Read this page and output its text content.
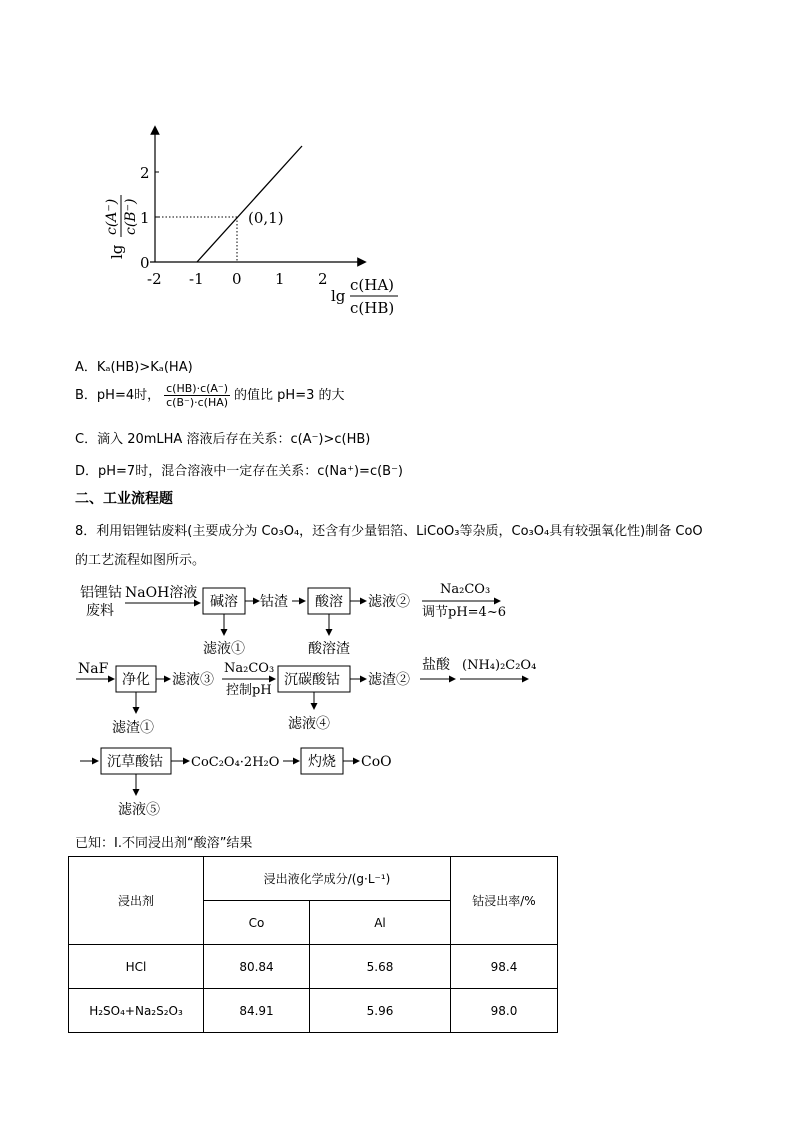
0
1
2
-2 -1 0 1 2
(0,1)
lg
c(A⁻) c(B⁻)
lg
c(HA)
c(HB)
A．Kₐ(HB)>Kₐ(HA)
B．pH=4时， $\frac{c(HB)\cdot c(A^-)}{c(B^-)\cdot c(HA)}$ 的值比 pH=3 的大
C．滴入 20mLHA 溶液后存在关系：c(A⁻)>c(HB)
D．pH=7时，混合溶液中一定存在关系：c(Na⁺)=c(B⁻)
二、工业流程题
8．利用铝锂钴废料(主要成分为 Co₃O₄，还含有少量铝箔、LiCoO₃等杂质，Co₃O₄具有较强氧化性)制备 CoO
的工艺流程如图所示。
铝锂钴
废料
NaOH溶液
碱溶 钴渣 酸溶 滤液②
Na₂CO₃
调节pH=4~6
滤液①	酸溶渣
NaF
净化 滤液③
Na₂CO₃
控制pH
沉碳酸钴 滤渣②
盐酸 (NH₄)₂C₂O₄
滤渣①	滤液④
沉草酸钴 CoC₂O₄·2H₂O 灼烧 CoO
滤液⑤
已知：I.不同浸出剂“酸溶”结果
浸出剂	浸出液化学成分/(g·L⁻¹)		钴浸出率/%
	Co	Al	
HCl	80.84	5.68	98.4
H₂SO₄+Na₂S₂O₃	84.91	5.96	98.0
